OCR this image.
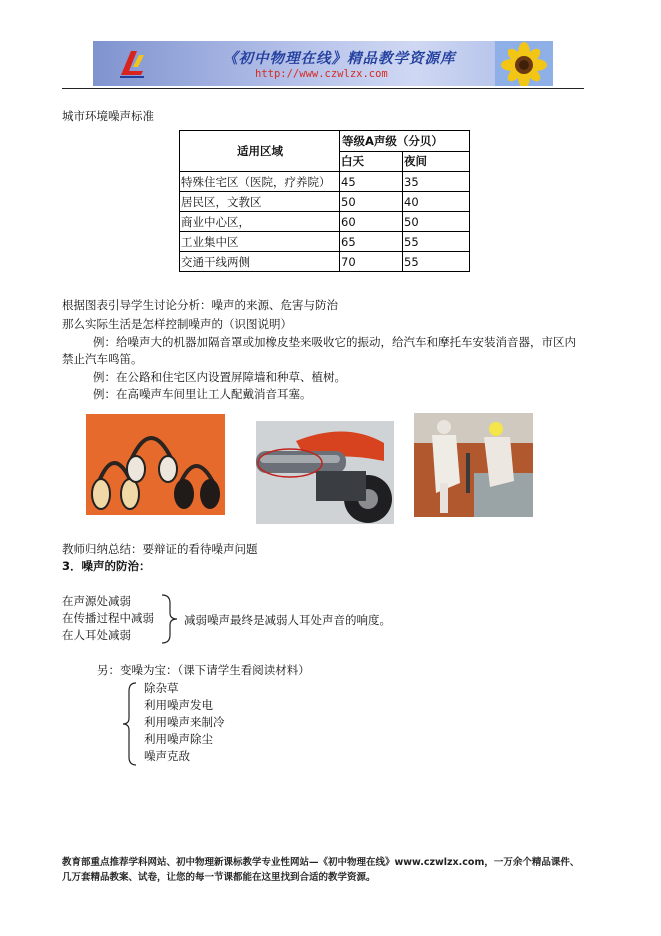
《初中物理在线》精品教学资源库
http://www.czwlzx.com
城市环境噪声标准
适用区域	等级A声级（分贝）	
	白天	夜间
特殊住宅区（医院，疗养院）	45	35
居民区，文教区	50	40
商业中心区，	60	50
工业集中区	65	55
交通干线两侧	70	55
根据图表引导学生讨论分析：噪声的来源、危害与防治
那么实际生活是怎样控制噪声的（识图说明）
例：给噪声大的机器加隔音罩或加橡皮垫来吸收它的振动，给汽车和摩托车安装消音器，市区内
禁止汽车鸣笛。
例：在公路和住宅区内设置屏障墙和种草、植树。
例：在高噪声车间里让工人配戴消音耳塞。
教师归纳总结：要辩证的看待噪声问题
3．噪声的防治：
在声源处减弱
在传播过程中减弱
在人耳处减弱
减弱噪声最终是减弱人耳处声音的响度。
另：变噪为宝：（课下请学生看阅读材料）
除杂草
利用噪声发电
利用噪声来制冷
利用噪声除尘
噪声克敌
教育部重点推荐学科网站、初中物理新课标教学专业性网站—《初中物理在线》www.czwlzx.com，一万余个精品课件、
几万套精品教案、试卷，让您的每一节课都能在这里找到合适的教学资源。
